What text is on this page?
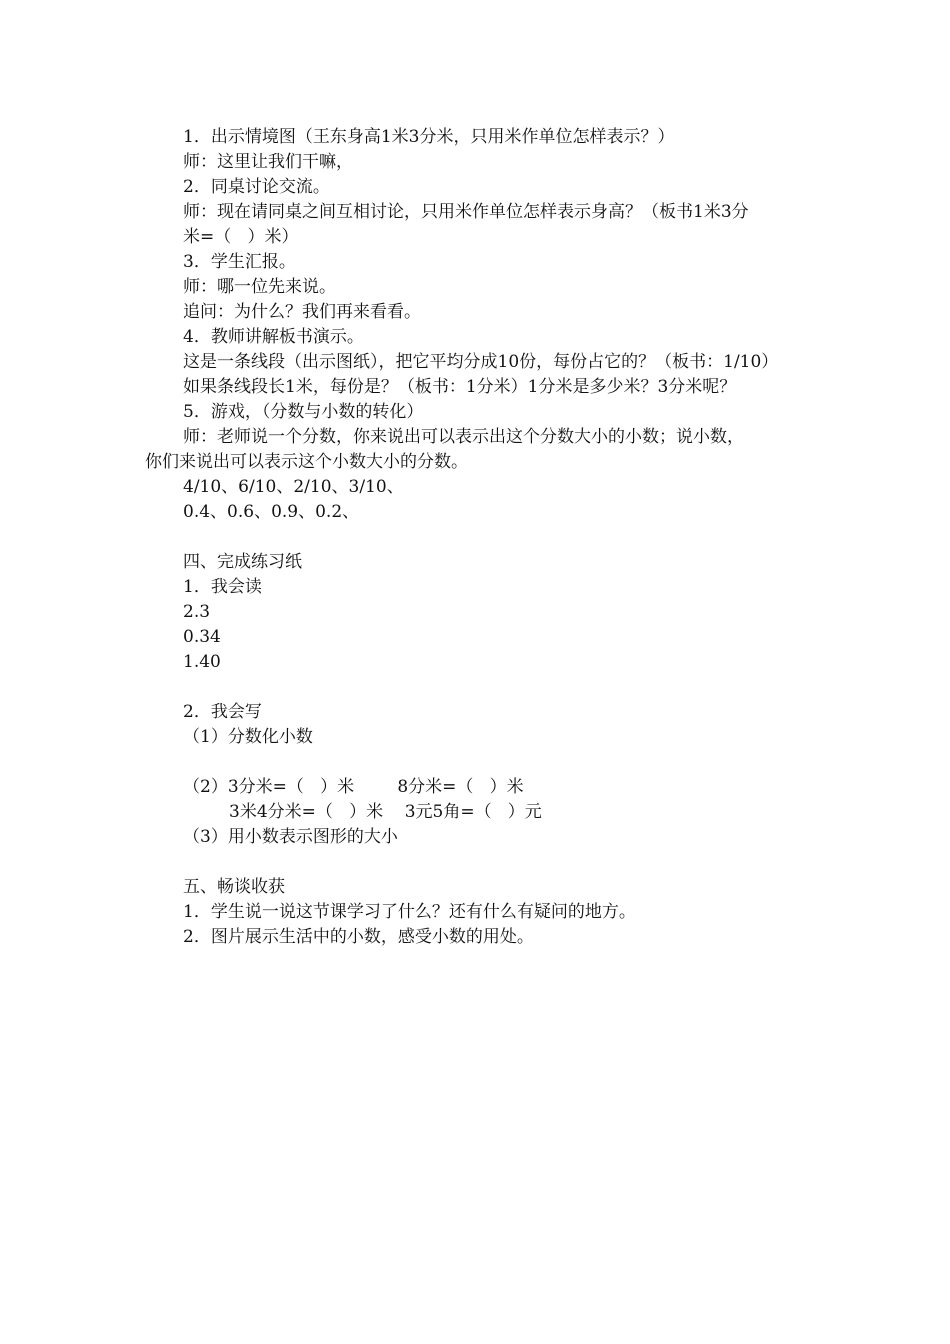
1．出示情境图（王东身高1米3分米，只用米作单位怎样表示？）
师：这里让我们干嘛，
2．同桌讨论交流。
师：现在请同桌之间互相讨论，只用米作单位怎样表示身高？（板书1米3分
米=（   ）米）
3．学生汇报。
师：哪一位先来说。
追问：为什么？我们再来看看。
4．教师讲解板书演示。
这是一条线段（出示图纸），把它平均分成10份，每份占它的？（板书：1/10）
如果条线段长1米，每份是？（板书：1分米）1分米是多少米？3分米呢？
5．游戏，（分数与小数的转化）
师：老师说一个分数，你来说出可以表示出这个分数大小的小数；说小数，
你们来说出可以表示这个小数大小的分数。
4/10、6/10、2/10、3/10、
0.4、0.6、0.9、0.2、
四、完成练习纸
1．我会读
2.3
0.34
1.40
2．我会写
（1）分数化小数
（2）3分米=（   ）米        8分米=（   ）米
3米4分米=（   ）米    3元5角=（   ）元
（3）用小数表示图形的大小
五、畅谈收获
1．学生说一说这节课学习了什么？还有什么有疑问的地方。
2．图片展示生活中的小数，感受小数的用处。
